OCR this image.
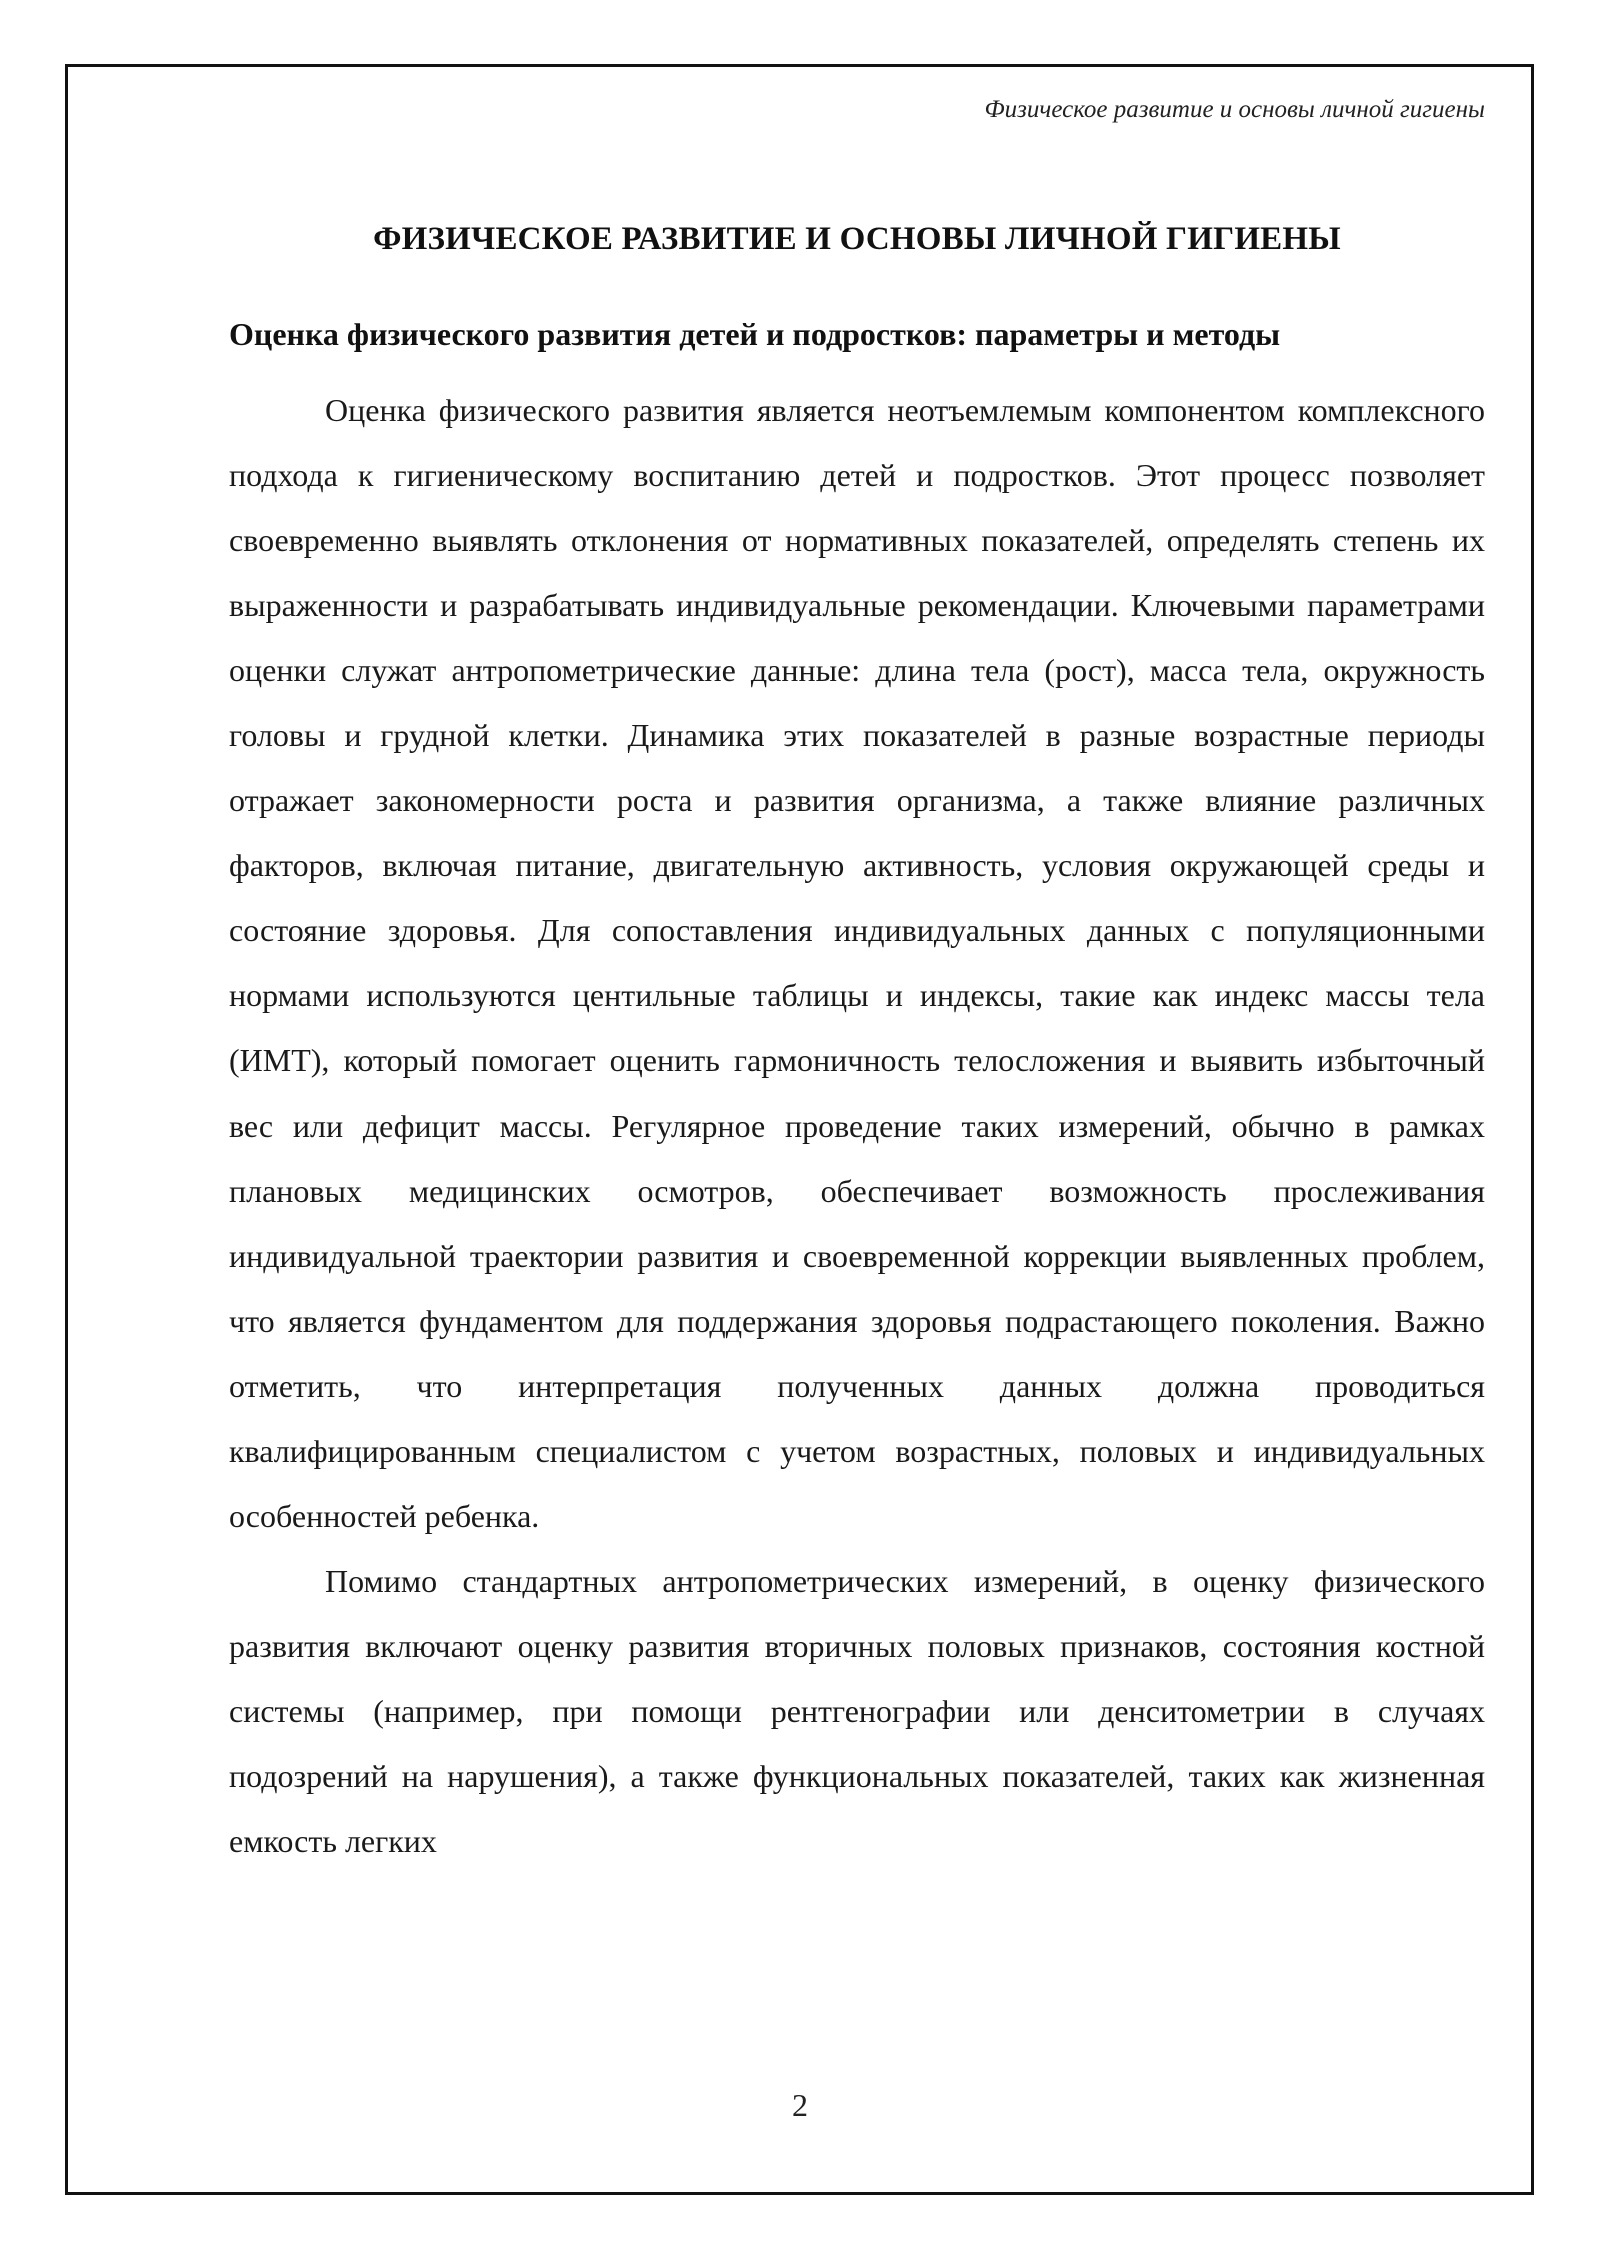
Физическое развитие и основы личной гигиены
ФИЗИЧЕСКОЕ РАЗВИТИЕ И ОСНОВЫ ЛИЧНОЙ ГИГИЕНЫ
Оценка физического развития детей и подростков: параметры и методы

Оценка физического развития является неотъемлемым компонентом комплексного подхода к гигиеническому воспитанию детей и подростков. Этот процесс позволяет своевременно выявлять отклонения от нормативных показателей, определять степень их выраженности и разрабатывать индивидуальные рекомендации. Ключевыми параметрами оценки служат антропометрические данные: длина тела (рост), масса тела, окружность головы и грудной клетки. Динамика этих показателей в разные возрастные периоды отражает закономерности роста и развития организма, а также влияние различных факторов, включая питание, двигательную активность, условия окружающей среды и состояние здоровья. Для сопоставления индивидуальных данных с популяционными нормами используются центильные таблицы и индексы, такие как индекс массы тела (ИМТ), который помогает оценить гармоничность телосложения и выявить избыточный вес или дефицит массы. Регулярное проведение таких измерений, обычно в рамках плановых медицинских осмотров, обеспечивает возможность прослеживания индивидуальной траектории развития и своевременной коррекции выявленных проблем, что является фундаментом для поддержания здоровья подрастающего поколения. Важно отметить, что интерпретация полученных данных должна проводиться квалифицированным специалистом с учетом возрастных, половых и индивидуальных особенностей ребенка.

Помимо стандартных антропометрических измерений, в оценку физического развития включают оценку развития вторичных половых признаков, состояния костной системы (например, при помощи рентгенографии или денситометрии в случаях подозрений на нарушения), а также функциональных показателей, таких как жизненная емкость легких

2
